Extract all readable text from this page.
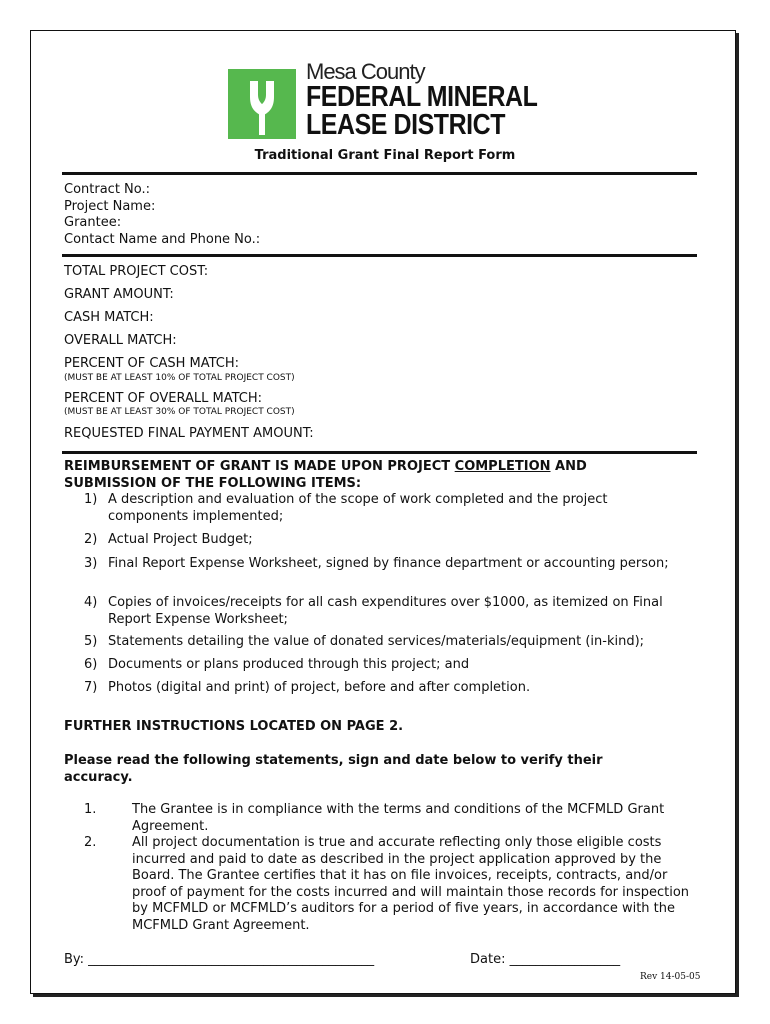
Mesa County
FEDERAL MINERAL
LEASE DISTRICT
Traditional Grant Final Report Form
Contract No.:
Project Name:
Grantee:
Contact Name and Phone No.:
TOTAL PROJECT COST:
GRANT AMOUNT:
CASH MATCH:
OVERALL MATCH:
PERCENT OF CASH MATCH:
(MUST BE AT LEAST 10% OF TOTAL PROJECT COST)
PERCENT OF OVERALL MATCH:
(MUST BE AT LEAST 30% OF TOTAL PROJECT COST)
REQUESTED FINAL PAYMENT AMOUNT:
REIMBURSEMENT OF GRANT IS MADE UPON PROJECT COMPLETION AND
SUBMISSION OF THE FOLLOWING ITEMS:
1) A description and evaluation of the scope of work completed and the project components implemented;
2) Actual Project Budget;
3) Final Report Expense Worksheet, signed by finance department or accounting person;
4) Copies of invoices/receipts for all cash expenditures over $1000, as itemized on Final Report Expense Worksheet;
5) Statements detailing the value of donated services/materials/equipment (in-kind);
6) Documents or plans produced through this project; and
7) Photos (digital and print) of project, before and after completion.
FURTHER INSTRUCTIONS LOCATED ON PAGE 2.
Please read the following statements, sign and date below to verify their accuracy.
1.	The Grantee is in compliance with the terms and conditions of the MCFMLD Grant Agreement.
2.	All project documentation is true and accurate reflecting only those eligible costs incurred and paid to date as described in the project application approved by the Board. The Grantee certifies that it has on file invoices, receipts, contracts, and/or proof of payment for the costs incurred and will maintain those records for inspection by MCFMLD or MCFMLD’s auditors for a period of five years, in accordance with the MCFMLD Grant Agreement.
By: ____________________________________________	Date: _________________
Rev 14-05-05
